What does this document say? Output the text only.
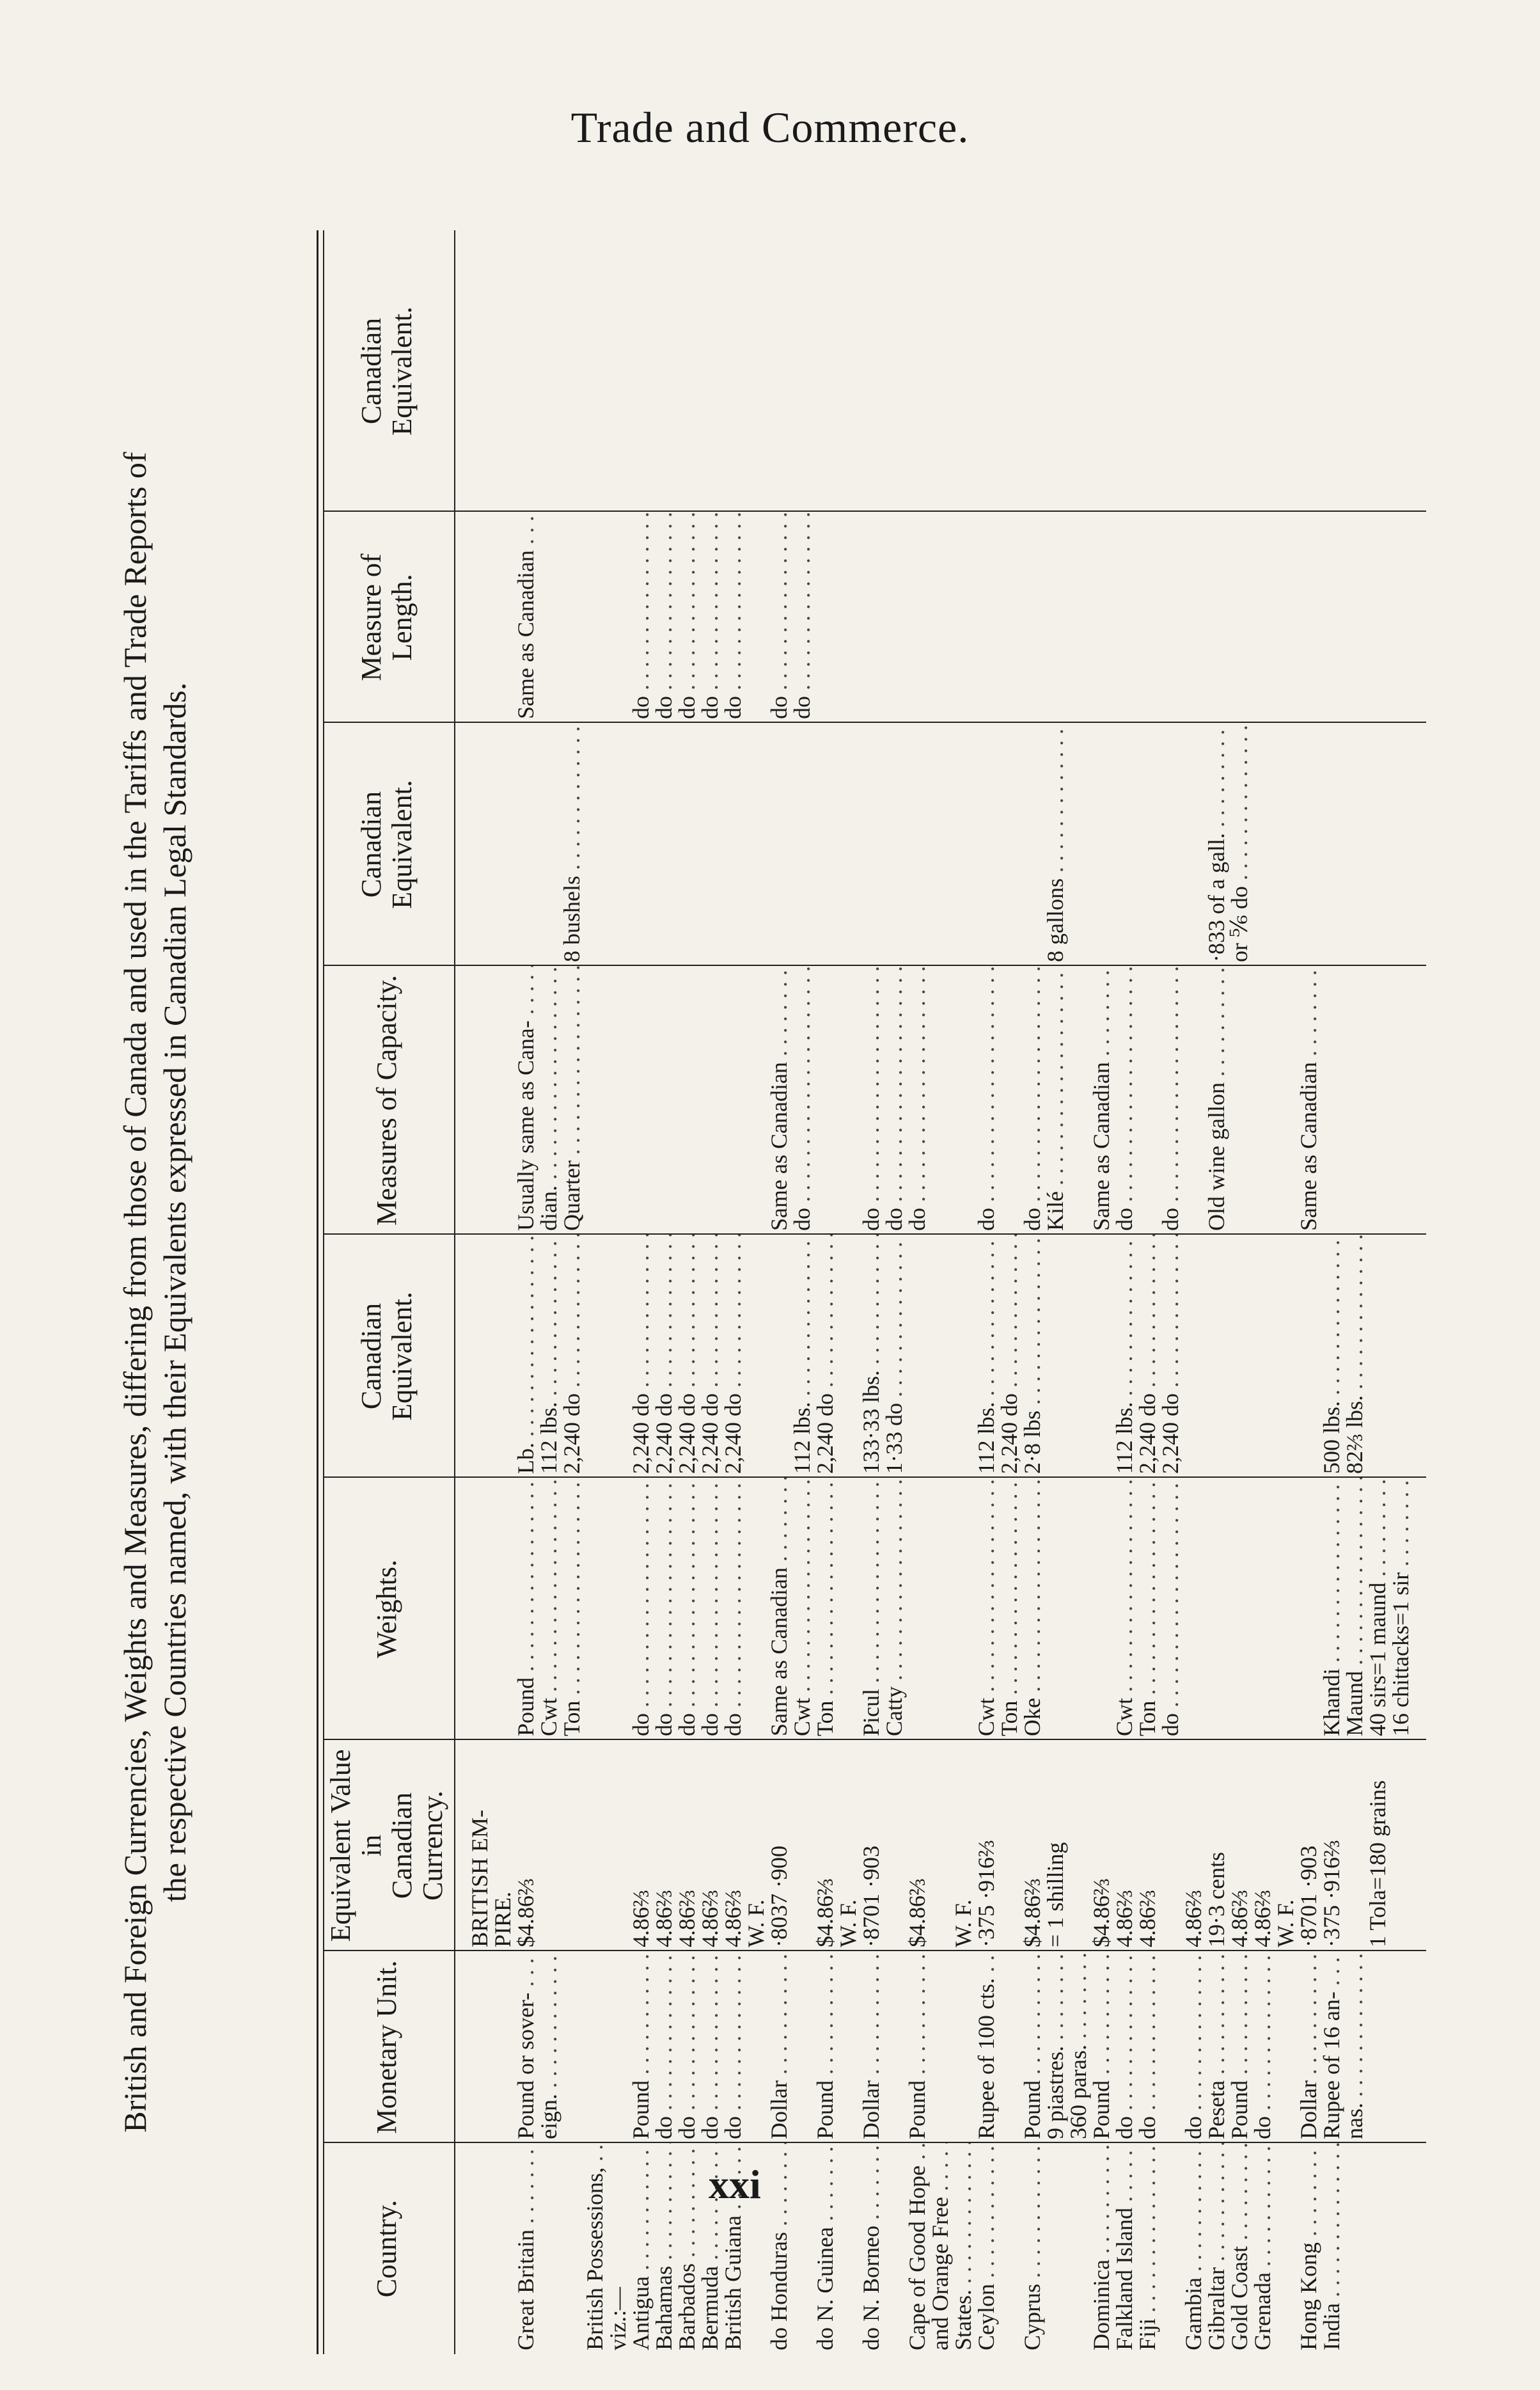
Trade and Commerce.
British and Foreign Currencies, Weights and Measures, differing from those of Canada and used in the Tariffs and Trade Reports of the respective Countries named, with their Equivalents expressed in Canadian Legal Standards.
Country.
Monetary Unit.
Equivalent Value
in
Canadian Currency.
Weights.
Canadian
Equivalent.
Measures of Capacity.
Canadian
Equivalent.
Measure of Length.
Canadian
Equivalent.
BRITISH EM-
PIRE.
Great Britain . . .
Pound or sover- . . .
$4.86⅔
Pound . . .
Lb. . . .
Usually same as Cana- . . .
Same as Canadian . . .
eign. . . .
Cwt . . .
112 lbs. . . .
dian. . . .
Ton . . .
2,240 do . . .
Quarter . . .
8 bushels . . .
British Possessions, . . .
viz.:—
Antigua . . .
Pound . . .
4.86⅔
do . . .
2,240 do . . .
do . . .
Bahamas . . .
do . . .
4.86⅔
do . . .
2,240 do . . .
do . . .
Barbados . . .
do . . .
4.86⅔
do . . .
2,240 do . . .
do . . .
Bermuda . . .
do . . .
4.86⅔
do . . .
2,240 do . . .
do . . .
British Guiana . . .
do . . .
4.86⅔
do . . .
2,240 do . . .
do . . .
W. F.
do Honduras . . .
Dollar . . .
·8037 ·900
Same as Canadian . . .
Same as Canadian . . .
do . . .
Cwt . . .
112 lbs. . . .
do . . .
do . . .
do N. Guinea . . .
Pound . . .
$4.86⅔
Ton . . .
2,240 do . . .
W. F.
do N. Borneo . . .
Dollar . . .
·8701 ·903
Picul . . .
133·33 lbs. . . .
do . . .
Catty . . .
1·33 do . . .
do . . .
Cape of Good Hope . . .
Pound . . .
$4.86⅔
do . . .
and Orange Free . . .
States. . . .
W. F.
Ceylon . . .
Rupee of 100 cts. . . .
·375 ·916⅔
Cwt . . .
112 lbs. . . .
do . . .
Ton . . .
2,240 do . . .
Cyprus . . .
Pound . . .
$4.86⅔
Oke . . .
2·8 lbs . . .
do . . .
9 piastres. . . .
= 1 shilling
Kilé . . .
8 gallons . . .
360 paras. . . .
Dominica . . .
Pound . . .
$4.86⅔
Same as Canadian . . .
Falkland Island . . .
do . . .
4.86⅔
Cwt . . .
112 lbs. . . .
do . . .
Fiji . . .
do . . .
4.86⅔
Ton . . .
2,240 do . . .
do . . .
2,240 do . . .
do . . .
Gambia . . .
do . . .
4.86⅔
Gibraltar . . .
Peseta . . .
19·3 cents
Old wine gallon . . .
·833 of a gall. . . .
Gold Coast . . .
Pound . . .
4.86⅔
or ⅚ do . . .
Grenada . . .
do . . .
4.86⅔
W. F.
Hong Kong . . .
Dollar . . .
·8701 ·903
Same as Canadian . . .
India . . .
Rupee of 16 an- . . .
·375 ·916⅔
Khandi . . .
500 lbs. . . .
nas. . . .
Maund . . .
82⅔ lbs. . . .
1 Tola=180 grains
40 sirs=1 maund . . .
16 chittacks=1 sir . . .
xxi
